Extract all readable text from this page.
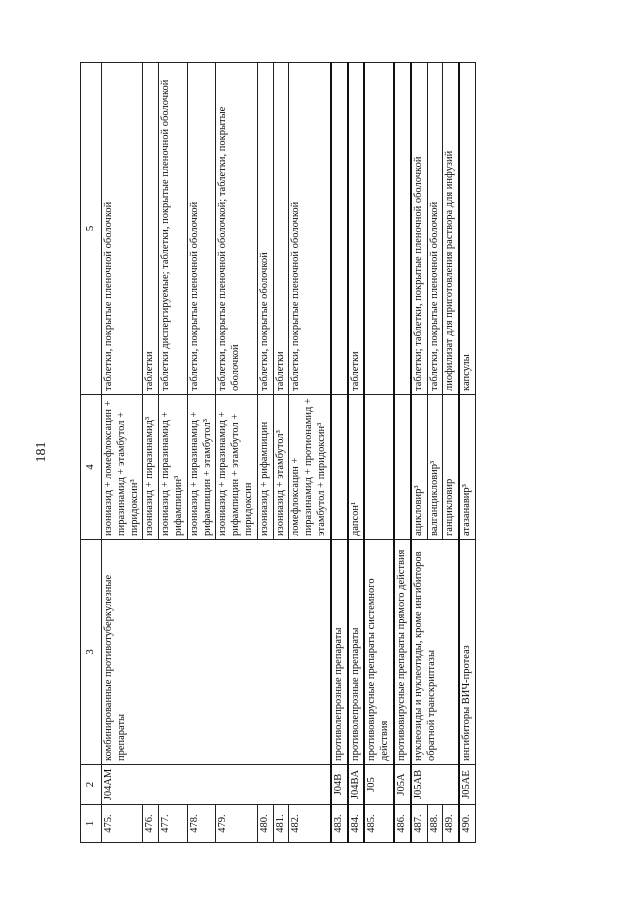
181
1	2	3	4	5
475.	J04AM	комбинированные противотуберкулезные препараты	изониазид + ломефлоксацин + пиразинамид + этамбутол + пиридоксин³	таблетки, покрытые пленочной оболочкой
476.			изониазид + пиразинамид³	таблетки
477.			изониазид + пиразинамид + рифампицин³	таблетки диспергируемые; таблетки, покрытые пленочной оболочкой
478.			изониазид + пиразинамид + рифампицин + этамбутол³	таблетки, покрытые пленочной оболочкой
479.			изониазид + пиразинамид + рифампицин + этамбутол + пиридоксин	таблетки, покрытые пленочной оболочкой; таблетки, покрытые оболочкой
480.			изониазид + рифампицин	таблетки, покрытые оболочкой
481.			изониазид + этамбутол³	таблетки
482.			ломефлоксацин + пиразинамид + протионамид + этамбутол + пиридоксин³	таблетки, покрытые пленочной оболочкой
483.	J04B	противолепрозные препараты		
484.	J04BA	противолепрозные препараты	дапсон¹	таблетки
485.	J05	противовирусные препараты системного действия		
486.	J05A	противовирусные препараты прямого действия		
487.	J05AB	нуклеозиды и нуклеотиды, кроме ингибиторов обратной транскриптазы	ацикловир³	таблетки; таблетки, покрытые пленочной оболочкой
488.			валганцикловир³	таблетки, покрытые пленочной оболочкой
489.			ганцикловир	лиофилизат для приготовления раствора для инфузий
490.	J05AE	ингибиторы ВИЧ-протеаз	атазанавир³	капсулы
